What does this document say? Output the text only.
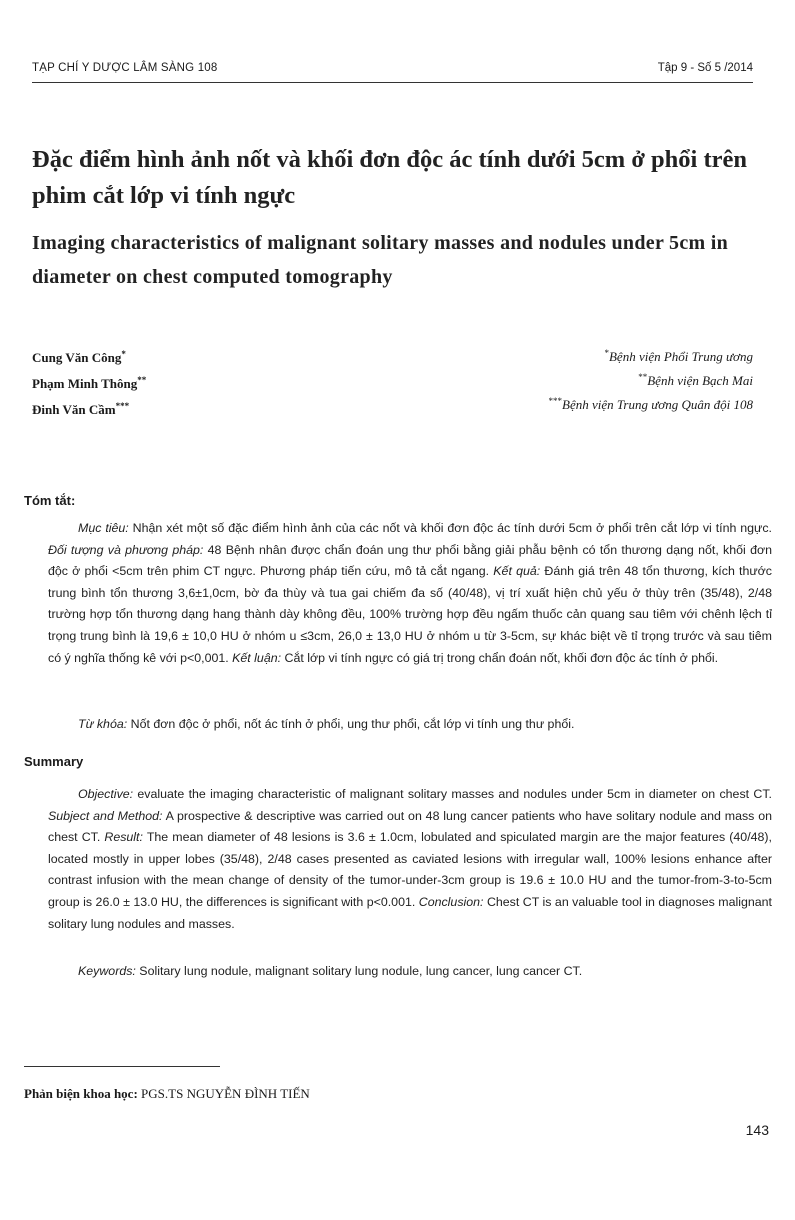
TẠP CHÍ Y DƯỢC LÂM SÀNG 108	Tập 9 - Số 5 /2014
Đặc điểm hình ảnh nốt và khối đơn độc ác tính dưới 5cm ở phổi trên phim cắt lớp vi tính ngực
Imaging characteristics of malignant solitary masses and nodules under 5cm in diameter on chest computed tomography
Cung Văn Công*
Phạm Minh Thông**
Đinh Văn Cầm***
*Bệnh viện Phổi Trung ương
**Bệnh viện Bạch Mai
***Bệnh viện Trung ương Quân đội 108
Tóm tắt:

Mục tiêu: Nhận xét một số đặc điểm hình ảnh của các nốt và khối đơn độc ác tính dưới 5cm ở phổi trên cắt lớp vi tính ngực. Đối tượng và phương pháp: 48 Bệnh nhân được chẩn đoán ung thư phổi bằng giải phẫu bệnh có tổn thương dạng nốt, khối đơn độc ở phổi <5cm trên phim CT ngực. Phương pháp tiến cứu, mô tả cắt ngang. Kết quả: Đánh giá trên 48 tổn thương, kích thước trung bình tổn thương 3,6±1,0cm, bờ đa thùy và tua gai chiếm đa số (40/48), vị trí xuất hiện chủ yếu ở thùy trên (35/48), 2/48 trường hợp tổn thương dạng hang thành dày không đều, 100% trường hợp đều ngấm thuốc cản quang sau tiêm với chênh lệch tỉ trọng trung bình là 19,6 ± 10,0 HU ở nhóm u ≤3cm, 26,0 ± 13,0 HU ở nhóm u từ 3-5cm, sự khác biệt về tỉ trọng trước và sau tiêm có ý nghĩa thống kê với p<0,001. Kết luận: Cắt lớp vi tính ngực có giá trị trong chẩn đoán nốt, khối đơn độc ác tính ở phổi.

Từ khóa: Nốt đơn độc ở phổi, nốt ác tính ở phổi, ung thư phổi, cắt lớp vi tính ung thư phổi.

Summary

Objective: evaluate the imaging characteristic of malignant solitary masses and nodules under 5cm in diameter on chest CT. Subject and Method: A prospective & descriptive was carried out on 48 lung cancer patients who have solitary nodule and mass on chest CT. Result: The mean diameter of 48 lesions is 3.6 ± 1.0cm, lobulated and spiculated margin are the major features (40/48), located mostly in upper lobes (35/48), 2/48 cases presented as caviated lesions with irregular wall, 100% lesions enhance after contrast infusion with the mean change of density of the tumor-under-3cm group is 19.6 ± 10.0 HU and the tumor-from-3-to-5cm group is 26.0 ± 13.0 HU, the differences is significant with p<0.001. Conclusion: Chest CT is an valuable tool in diagnoses malignant solitary lung nodules and masses.

Keywords: Solitary lung nodule, malignant solitary lung nodule, lung cancer, lung cancer CT.

Phản biện khoa học: PGS.TS NGUYỄN ĐÌNH TIẾN
143
